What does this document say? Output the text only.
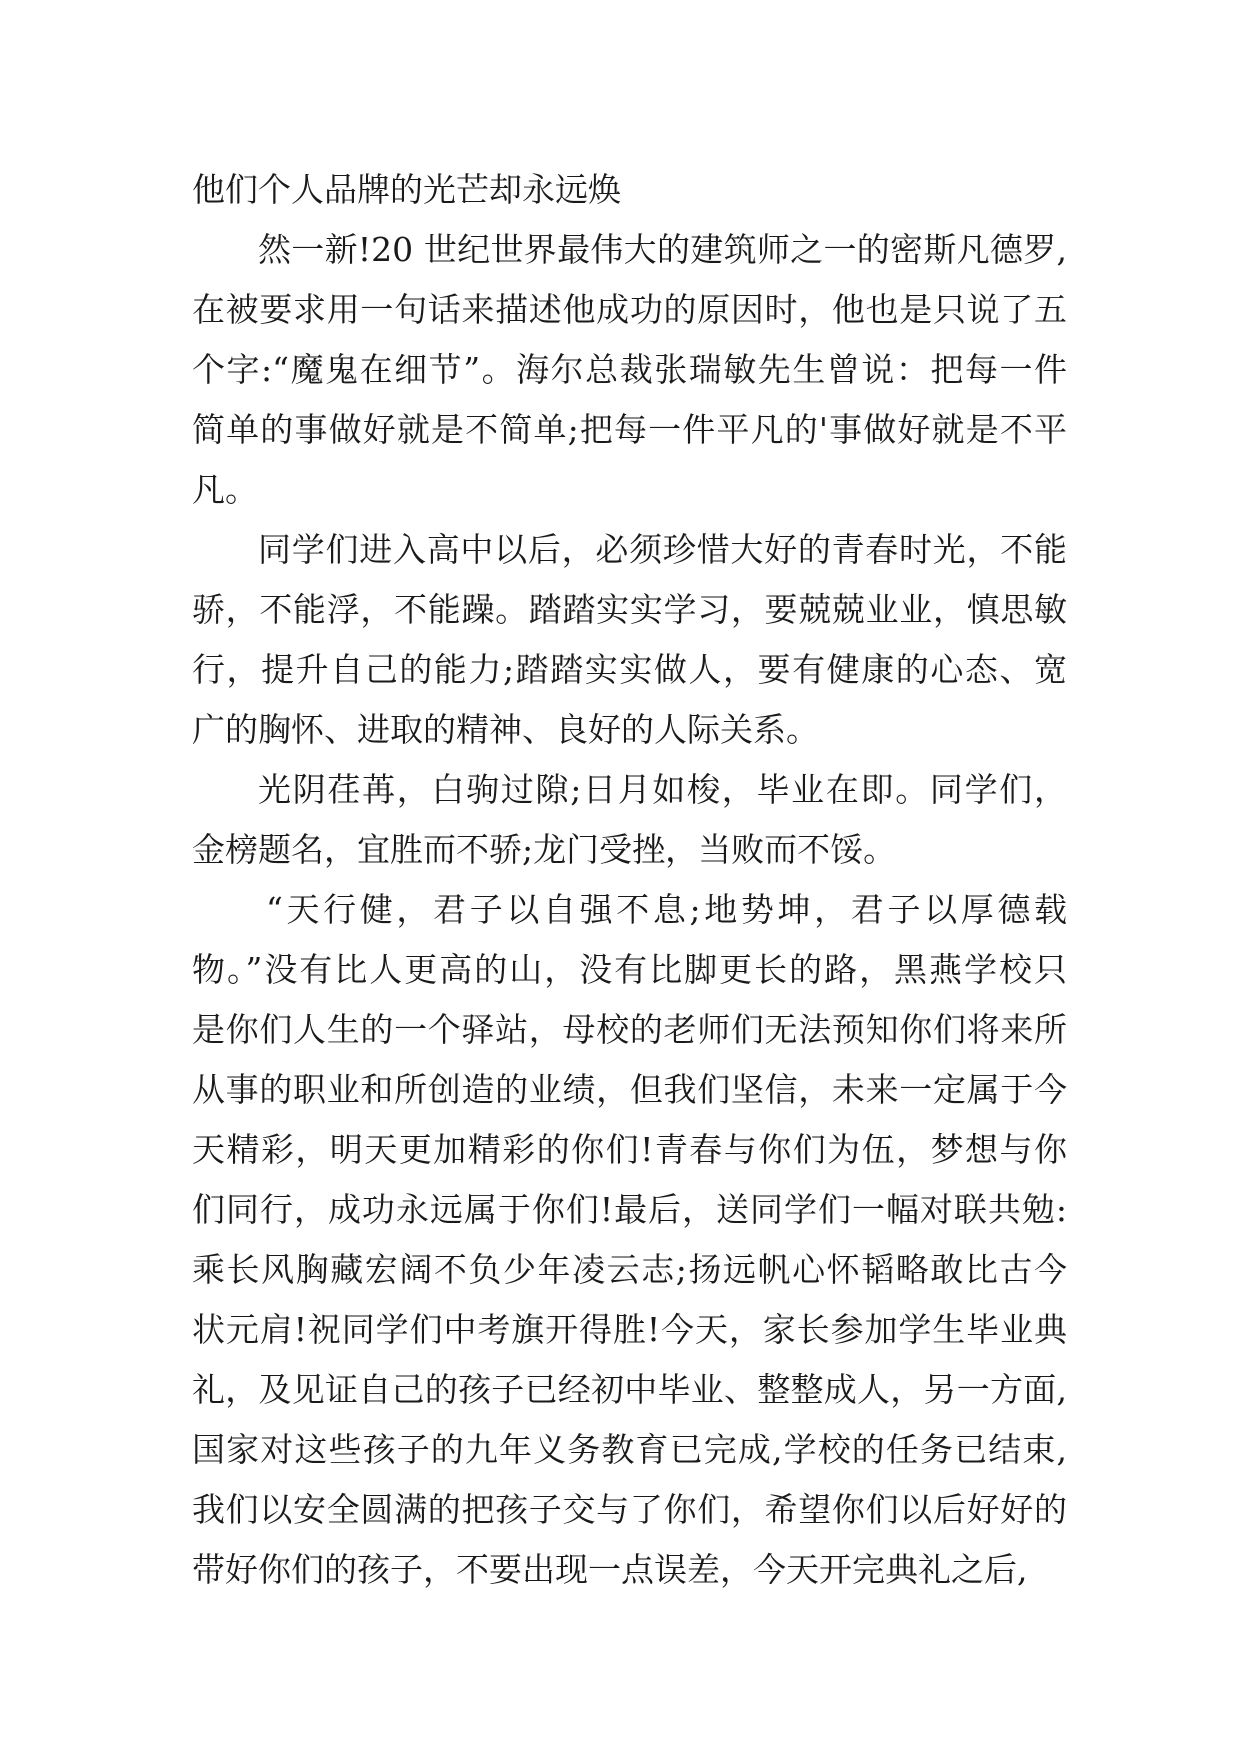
他们个人品牌的光芒却永远焕
然一新!20 世纪世界最伟大的建筑师之一的密斯凡德罗,
在被要求用一句话来描述他成功的原因时，他也是只说了五
个字:“魔鬼在细节”。海尔总裁张瑞敏先生曾说：把每一件
简单的事做好就是不简单;把每一件平凡的'事做好就是不平
凡。
同学们进入高中以后，必须珍惜大好的青春时光，不能
骄，不能浮，不能躁。踏踏实实学习，要兢兢业业，慎思敏
行，提升自己的能力;踏踏实实做人，要有健康的心态、宽
广的胸怀、进取的精神、良好的人际关系。
光阴荏苒，白驹过隙;日月如梭，毕业在即。同学们，
金榜题名，宜胜而不骄;龙门受挫，当败而不馁。
“天行健，君子以自强不息;地势坤，君子以厚德载
物。”没有比人更高的山，没有比脚更长的路，黑燕学校只
是你们人生的一个驿站，母校的老师们无法预知你们将来所
从事的职业和所创造的业绩，但我们坚信，未来一定属于今
天精彩，明天更加精彩的你们!青春与你们为伍，梦想与你
们同行，成功永远属于你们!最后，送同学们一幅对联共勉:
乘长风胸藏宏阔不负少年凌云志;扬远帆心怀韬略敢比古今
状元肩!祝同学们中考旗开得胜!今天，家长参加学生毕业典
礼，及见证自己的孩子已经初中毕业、整整成人，另一方面,
国家对这些孩子的九年义务教育已完成,学校的任务已结束,
我们以安全圆满的把孩子交与了你们，希望你们以后好好的
带好你们的孩子，不要出现一点误差，今天开完典礼之后,
